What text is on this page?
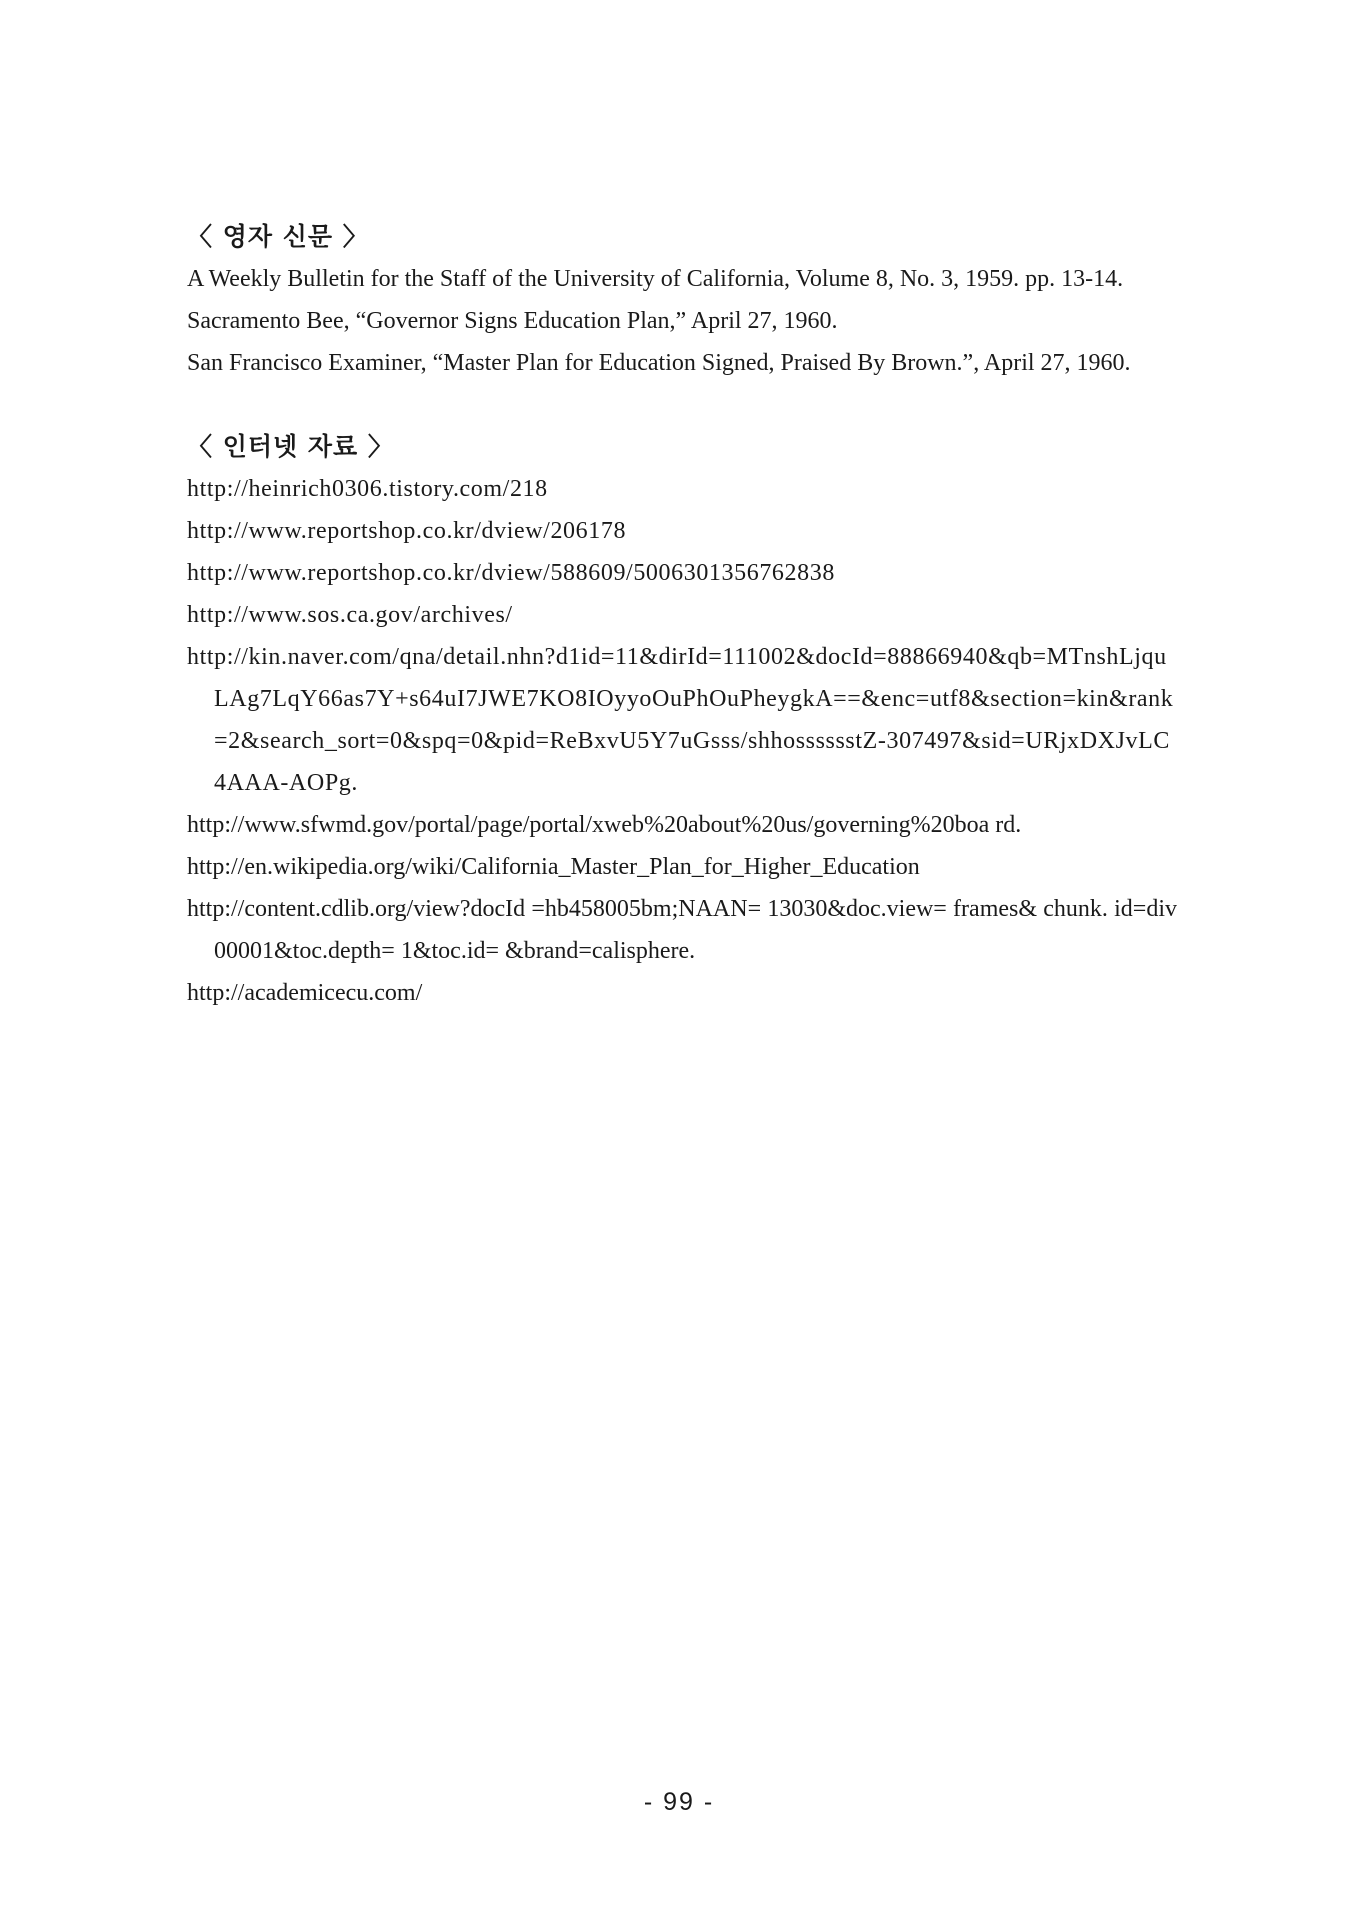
〈 영자 신문 〉

A Weekly Bulletin for the Staff of the University of California, Volume 8, No. 3, 1959. pp. 13-14.

Sacramento Bee, “Governor Signs Education Plan,” April 27, 1960.

San Francisco Examiner, “Master Plan for Education Signed, Praised By Brown.”, April 27, 1960.

〈 인터넷 자료 〉

http://heinrich0306.tistory.com/218

http://www.reportshop.co.kr/dview/206178

http://www.reportshop.co.kr/dview/588609/5006301356762838

http://www.sos.ca.gov/archives/

http://kin.naver.com/qna/detail.nhn?d1id=11&dirId=111002&docId=88866940&qb=MTnshLjquLAg7LqY66as7Y+s64uI7JWE7KO8IOyyoOuPhOuPheygkA==&enc=utf8&section=kin&rank=2&search_sort=0&spq=0&pid=ReBxvU5Y7uGsss/shhosssssstZ-307497&sid=URjxDXJvLC4AAA-AOPg.

http://www.sfwmd.gov/portal/page/portal/xweb%20about%20us/governing%20boa rd.

http://en.wikipedia.org/wiki/California_Master_Plan_for_Higher_Education

http://content.cdlib.org/view?docId =hb458005bm;NAAN= 13030&doc.view= frames& chunk. id=div00001&toc.depth= 1&toc.id= &brand=calisphere.

http://academicecu.com/

- 99 -
